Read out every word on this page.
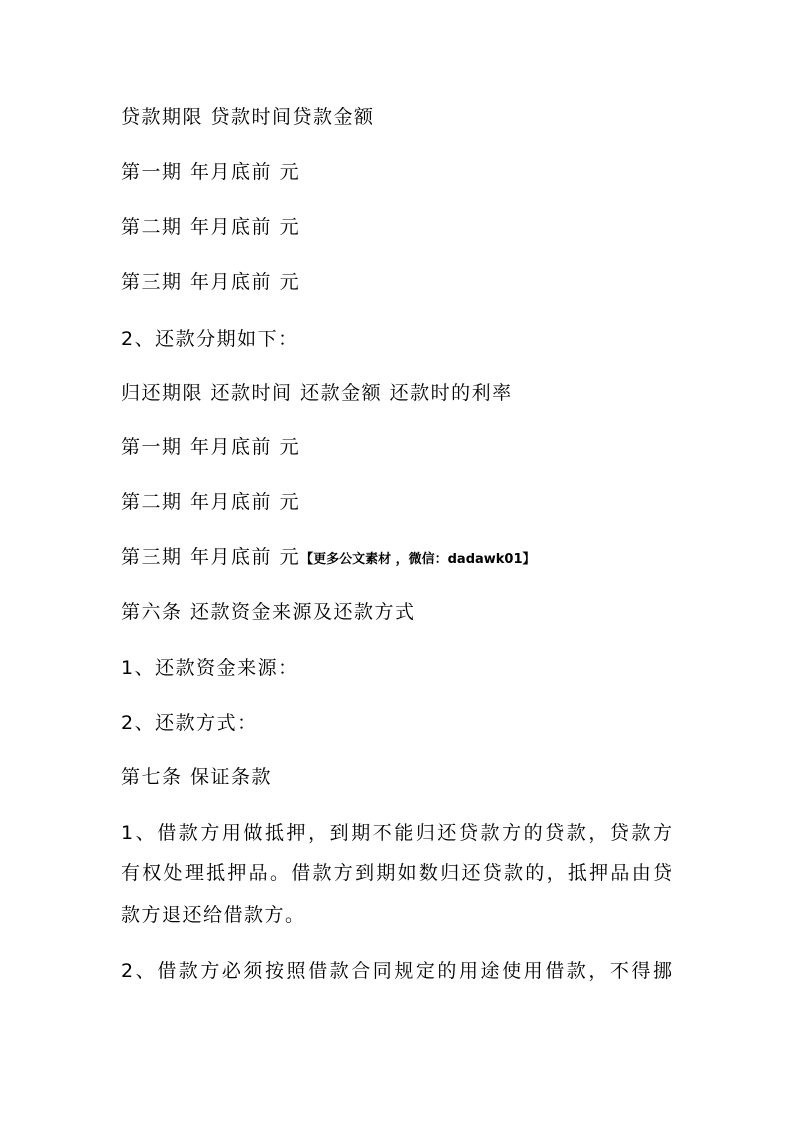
贷款期限 贷款时间贷款金额
第一期 年月底前 元
第二期 年月底前 元
第三期 年月底前 元
2、还款分期如下：
归还期限 还款时间 还款金额 还款时的利率
第一期 年月底前 元
第二期 年月底前 元
第三期 年月底前 元【更多公文素材 ，微信：dadawk01】
第六条 还款资金来源及还款方式
1、还款资金来源：
2、还款方式：
第七条 保证条款
1、借款方用做抵押，到期不能归还贷款方的贷款，贷款方
有权处理抵押品。借款方到期如数归还贷款的，抵押品由贷
款方退还给借款方。
2、借款方必须按照借款合同规定的用途使用借款，不得挪
